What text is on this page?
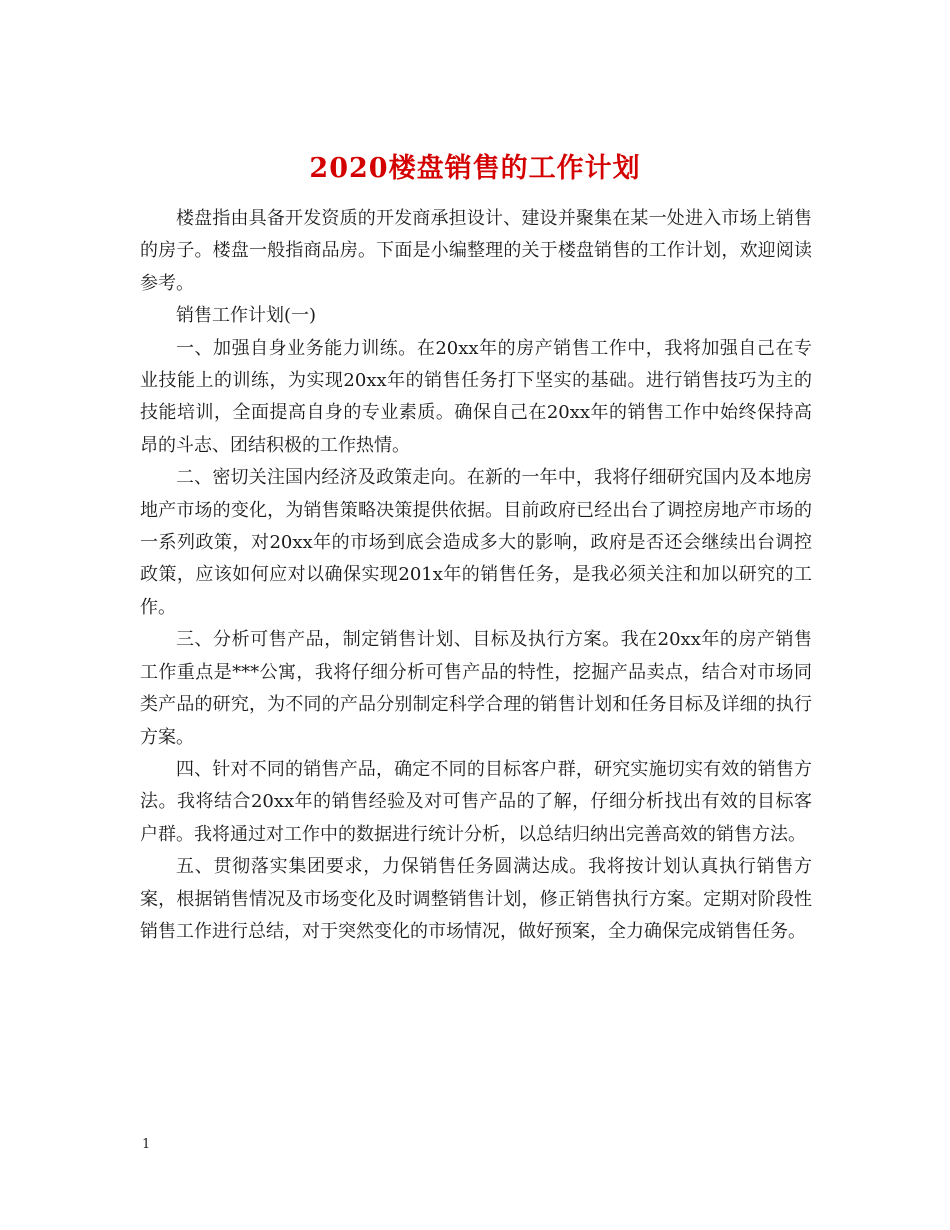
2020楼盘销售的工作计划

楼盘指由具备开发资质的开发商承担设计、建设并聚集在某一处进入市场上销售的房子。楼盘一般指商品房。下面是小编整理的关于楼盘销售的工作计划，欢迎阅读参考。

销售工作计划(一)

一、加强自身业务能力训练。在20xx年的房产销售工作中，我将加强自己在专业技能上的训练，为实现20xx年的销售任务打下坚实的基础。进行销售技巧为主的技能培训，全面提高自身的专业素质。确保自己在20xx年的销售工作中始终保持高昂的斗志、团结积极的工作热情。

二、密切关注国内经济及政策走向。在新的一年中，我将仔细研究国内及本地房地产市场的变化，为销售策略决策提供依据。目前政府已经出台了调控房地产市场的一系列政策，对20xx年的市场到底会造成多大的影响，政府是否还会继续出台调控政策，应该如何应对以确保实现201x年的销售任务，是我必须关注和加以研究的工作。

三、分析可售产品，制定销售计划、目标及执行方案。我在20xx年的房产销售工作重点是***公寓，我将仔细分析可售产品的特性，挖掘产品卖点，结合对市场同类产品的研究，为不同的产品分别制定科学合理的销售计划和任务目标及详细的执行方案。

四、针对不同的销售产品，确定不同的目标客户群，研究实施切实有效的销售方法。我将结合20xx年的销售经验及对可售产品的了解，仔细分析找出有效的目标客户群。我将通过对工作中的数据进行统计分析，以总结归纳出完善高效的销售方法。

五、贯彻落实集团要求，力保销售任务圆满达成。我将按计划认真执行销售方案，根据销售情况及市场变化及时调整销售计划，修正销售执行方案。定期对阶段性销售工作进行总结，对于突然变化的市场情况，做好预案，全力确保完成销售任务。

1
